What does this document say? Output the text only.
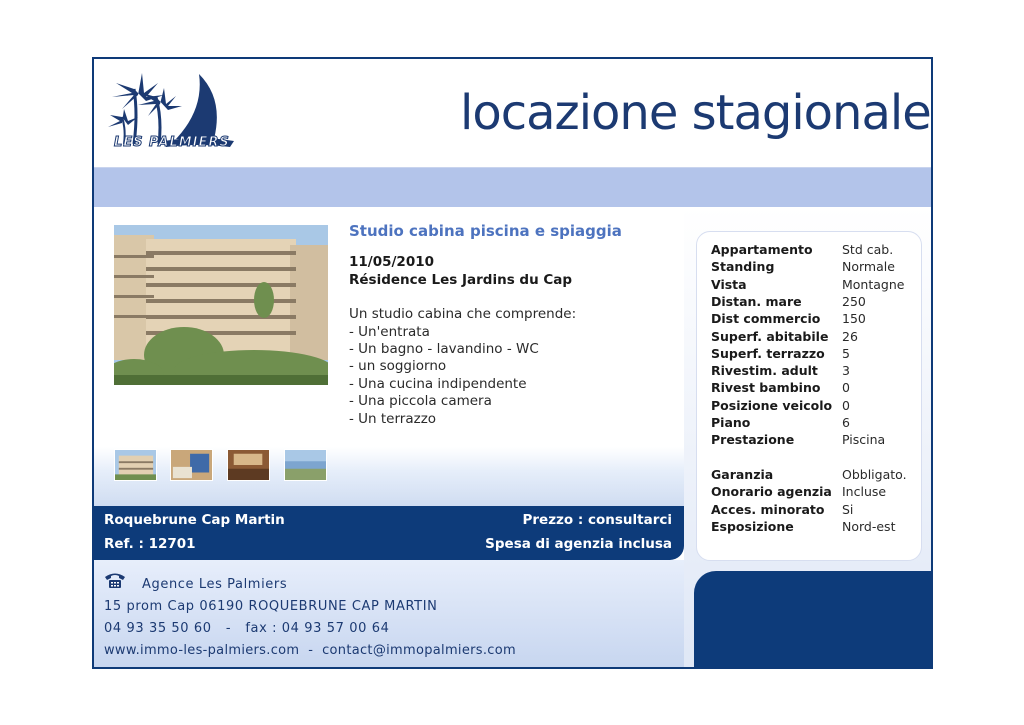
LES PALMIERS
locazione stagionale
Studio cabina piscina e spiaggia
11/05/2010
Résidence Les Jardins du Cap
Un studio cabina che comprende:
- Un'entrata
- Un bagno - lavandino - WC
- un soggiorno
- Una cucina indipendente
- Una piccola camera
- Un terrazzo
Roquebrune Cap Martin
Ref. : 12701
Prezzo : consultarci
Spesa di agenzia inclusa
Agence Les Palmiers
15 prom Cap 06190 ROQUEBRUNE CAP MARTIN
04 93 35 50 60   -   fax : 04 93 57 00 64
www.immo-les-palmiers.com  -  contact@immopalmiers.com
Appartamento Std cab.
Standing	Normale
Vista	Montagne
Distan. mare	250
Dist commercio 150
Superf. abitabile 26
Superf. terrazzo 5
Rivestim. adult 3
Rivest bambino 0
Posizione veicolo 0
Piano	6
Prestazione	Piscina
Garanzia	Obbligato.
Onorario agenzia Incluse
Acces. minorato Si
Esposizione	Nord-est
